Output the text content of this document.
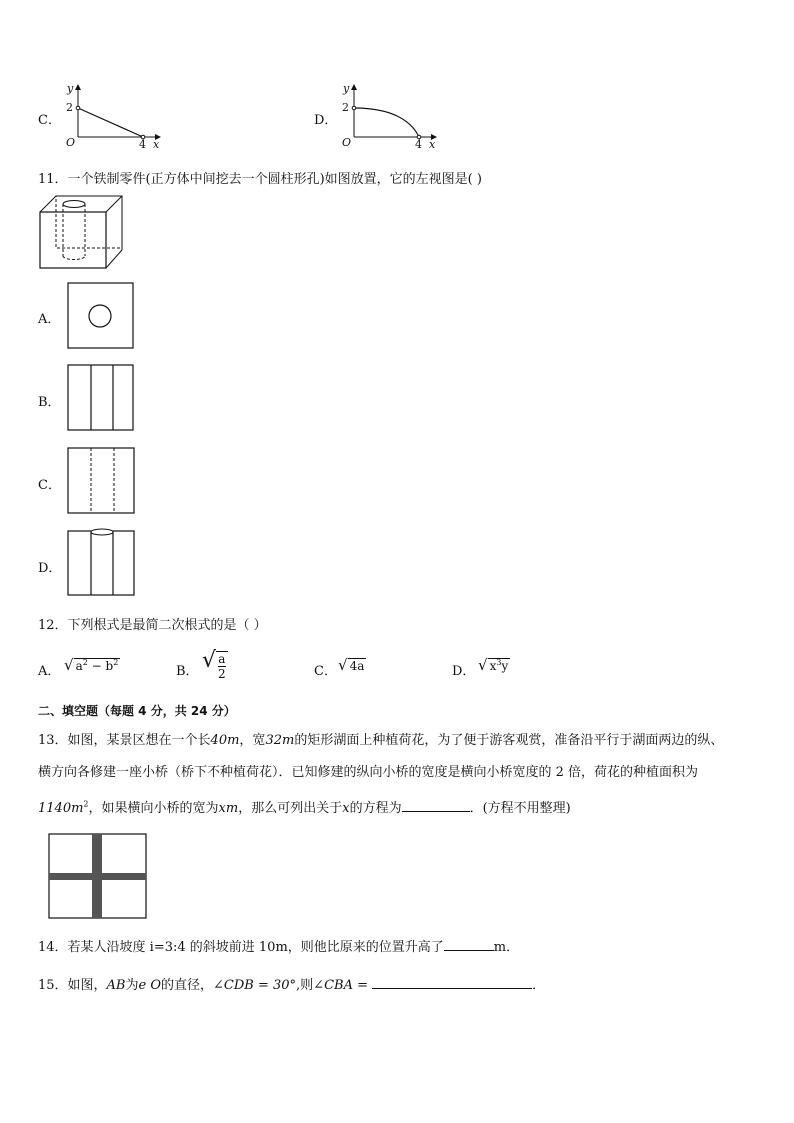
C．
y
2
O	4 x
D．
y
2
O	4 x
11．一个铁制零件(正方体中间挖去一个圆柱形孔)如图放置，它的左视图是( )
A．
B．
C．
D．
12．下列根式是最简二次根式的是（ ）
A． √ $a^2 - b^2$
B． √ $\frac{a}{2}$	C． √ 4a	D． √ $x^3y$
二、填空题（每题 4 分，共 24 分）
13．如图，某景区想在一个长40m，宽32m的矩形湖面上种植荷花，为了便于游客观赏，准备沿平行于湖面两边的纵、
横方向各修建一座小桥（桥下不种植荷花）．已知修建的纵向小桥的宽度是横向小桥宽度的 2 倍，荷花的种植面积为
$1140m^2$，如果横向小桥的宽为xm，那么可列出关于x的方程为	．(方程不用整理)
14．若某人沿坡度 i=3:4 的斜坡前进 10m，则他比原来的位置升高了	m．
15．如图，AB为e O的直径，∠CDB = 30°,则∠CBA =	．
